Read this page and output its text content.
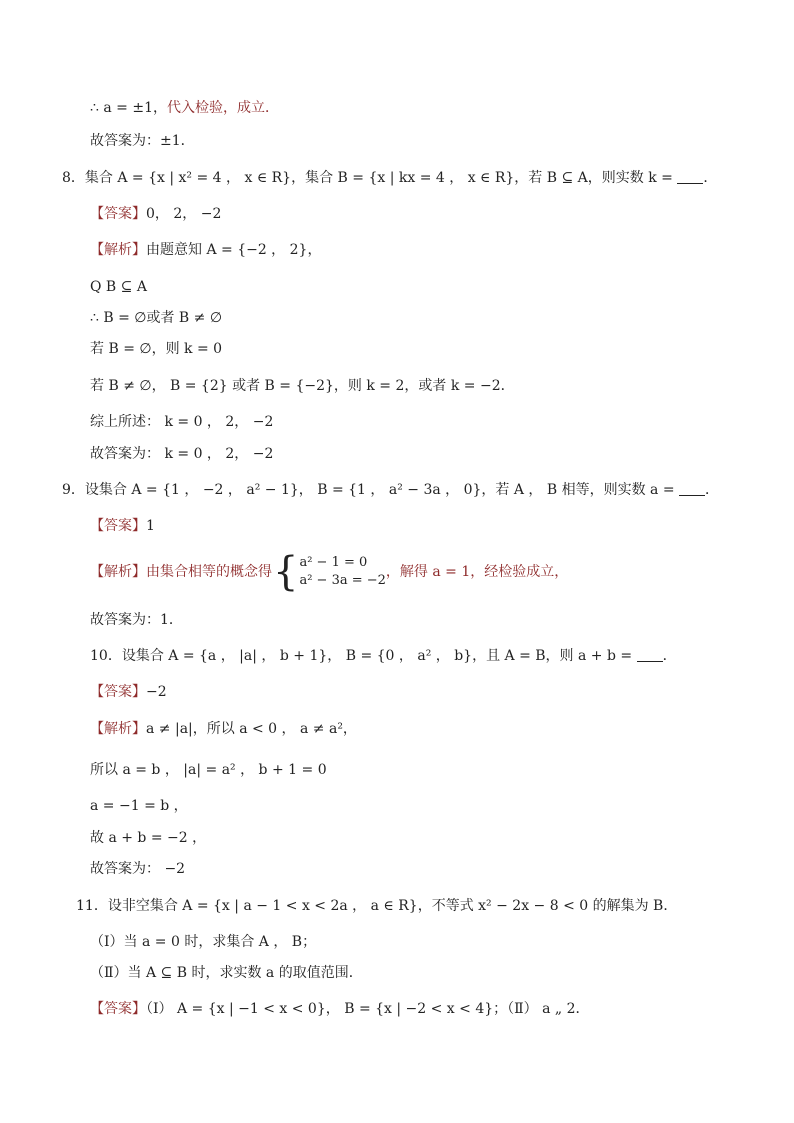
∴ a = ±1，代入检验，成立．
故答案为：±1．
8．集合 A = {x | x² = 4 ， x ∈ R}，集合 B = {x | kx = 4 ， x ∈ R}，若 B ⊆ A，则实数 k = ．
【答案】0， 2， −2
【解析】由题意知 A = {−2 ， 2}，
Q B ⊆ A
∴ B = ∅或者 B ≠ ∅
若 B = ∅，则 k = 0
若 B ≠ ∅， B = {2} 或者 B = {−2}，则 k = 2，或者 k = −2．
综上所述： k = 0 ， 2， −2
故答案为： k = 0 ， 2， −2
9．设集合 A = {1 ， −2 ， a² − 1}， B = {1 ， a² − 3a ， 0}，若 A ， B 相等，则实数 a = ．
【答案】1
【解析】由集合相等的概念得{ a² − 1 = 0
a² − 3a = −2
，解得 a = 1，经检验成立，
故答案为：1．
10．设集合 A = {a ， |a| ， b + 1}， B = {0 ， a² ， b}，且 A = B，则 a + b = ．
【答案】−2
【解析】a ≠ |a|，所以 a < 0 ， a ≠ a²，
所以 a = b ， |a| = a² ， b + 1 = 0
a = −1 = b ，
故 a + b = −2 ，
故答案为： −2
11．设非空集合 A = {x | a − 1 < x < 2a ， a ∈ R}，不等式 x² − 2x − 8 < 0 的解集为 B．
（Ⅰ）当 a = 0 时，求集合 A ， B；
（Ⅱ）当 A ⊆ B 时，求实数 a 的取值范围．
【答案】（Ⅰ） A = {x | −1 < x < 0}， B = {x | −2 < x < 4}；（Ⅱ） a „ 2．
